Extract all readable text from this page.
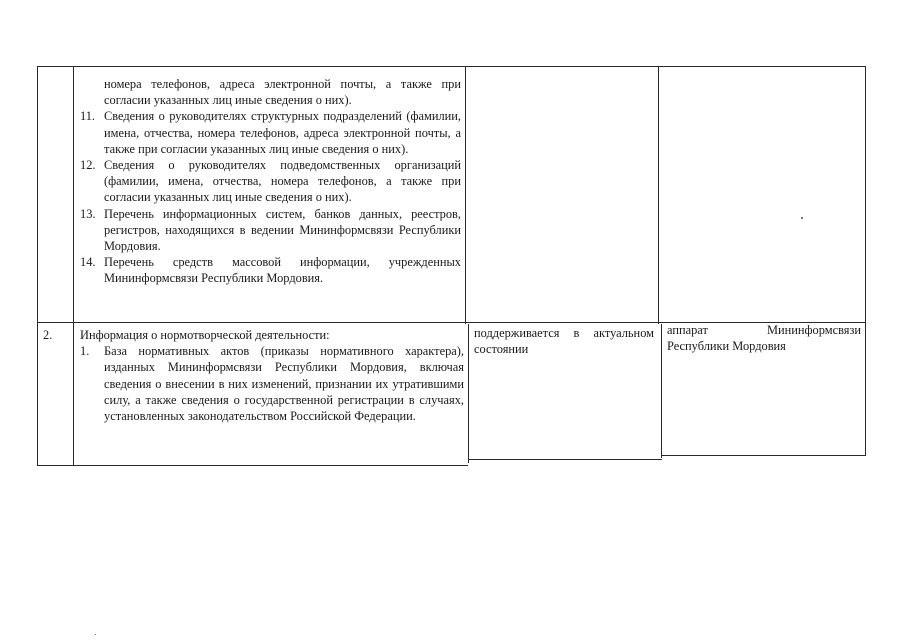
номера телефонов, адреса электронной почты, а также при согласии указанных лиц иные сведения о них).

11. Сведения о руководителях структурных подразделений (фамилии, имена, отчества, номера телефонов, адреса электронной почты, а также при согласии указанных лиц иные сведения о них).
12. Сведения о руководителях подведомственных организаций (фамилии, имена, отчества, номера телефонов, а также при согласии указанных лиц иные сведения о них).
13. Перечень информационных систем, банков данных, реестров, регистров, находящихся в ведении Мининформсвязи Республики Мордовия.
14. Перечень средств массовой информации, учрежденных Мининформсвязи Республики Мордовия.

2.	Информация о нормотворческой деятельности:

1.	База нормативных актов (приказы нормативного характера), изданных Мининформсвязи Республики Мордовия, включая сведения о внесении в них изменений, признании их утратившими силу, а также сведения о государственной регистрации в случаях, установленных законодательством Российской Федерации.

поддерживается в актуальном состоянии

аппарат Мининформсвязи Республики Мордовия
